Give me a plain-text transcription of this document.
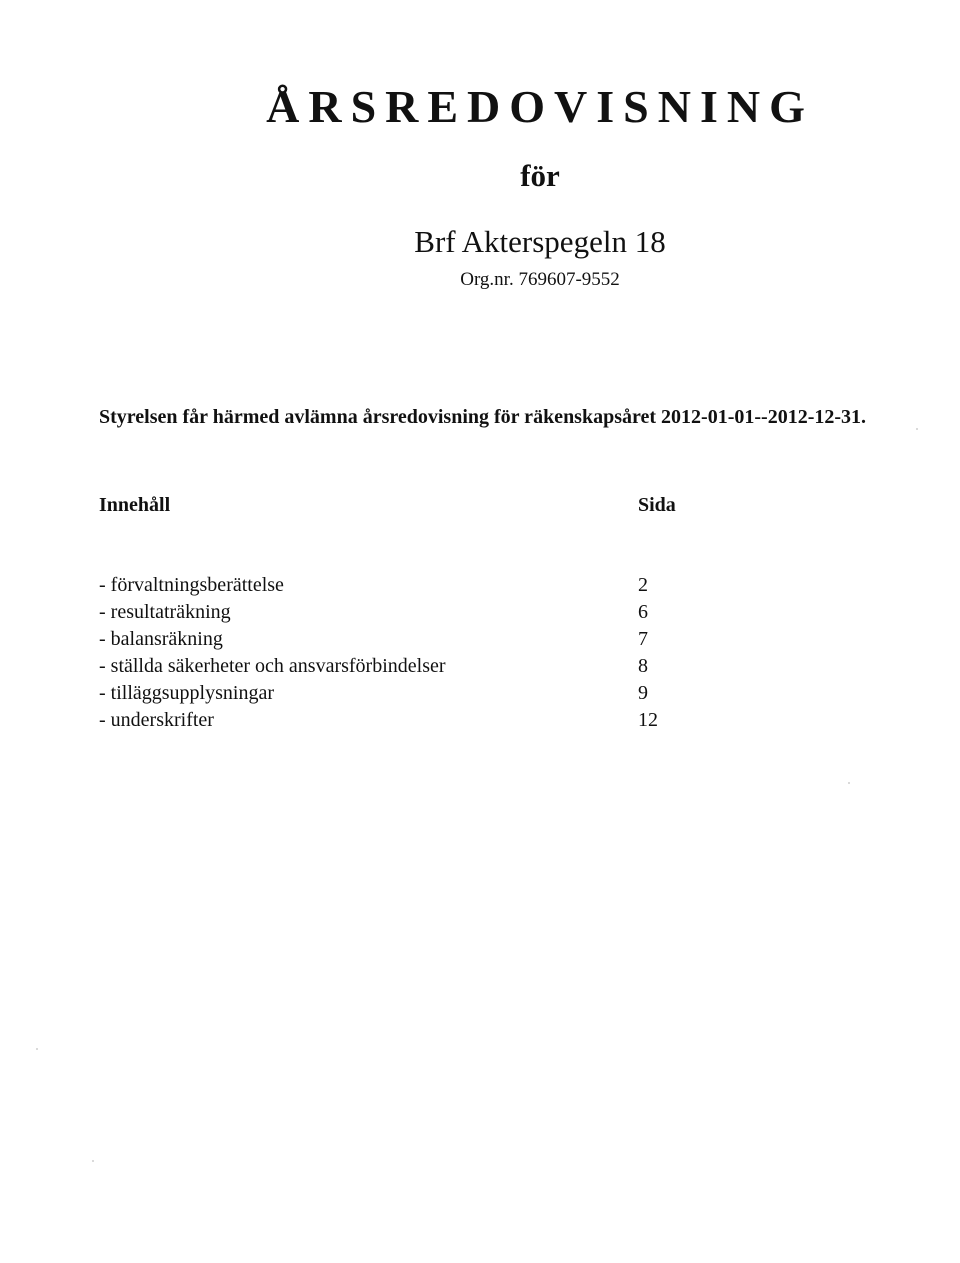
ÅRSREDOVISNING
för
Brf Akterspegeln 18
Org.nr. 769607-9552
Styrelsen får härmed avlämna årsredovisning för räkenskapsåret 2012-01-01--2012-12-31.
Innehåll	Sida
- förvaltningsberättelse	2
- resultaträkning	6
- balansräkning	7
- ställda säkerheter och ansvarsförbindelser	8
- tilläggsupplysningar	9
- underskrifter	12
